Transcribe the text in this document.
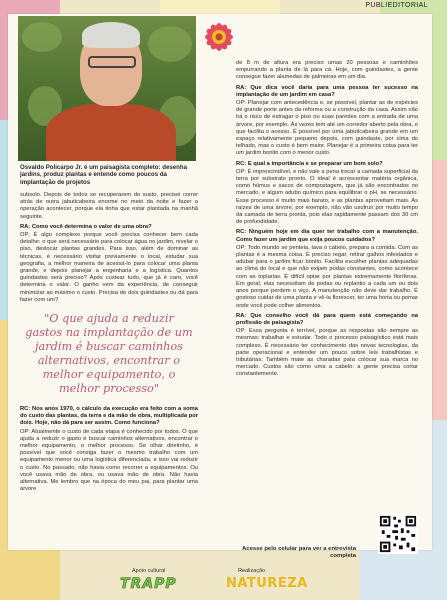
PUBLIEDITORIAL
Osvaldo Policarpo Jr. é um paisagista completo: desenha jardins, produz plantas e entende como poucos da implantação de projetos

subsolo. Depois de todos se recuperarem do susto, precisei correr atrás de outra jabuticabeira enorme no meio da noite e fazer a operação acontecer, porque ela tinha que estar plantada na manhã seguinte.

RA: Como você determina o valor de uma obra?

OP: É algo complexo porque você precisa conhecer bem cada detalhe: o que será necessário para colocar água no jardim, nivelar o piso, deslocar plantas grandes. Para isso, além de dominar as técnicas, é necessário visitar previamente o local, estudar sua geografia, a melhor maneira de acessá-lo para colocar uma planta grande, e depois planejar a engenharia e a logística. Quantos guindastes será preciso? Após custear tudo, que já é caro, você determina o valor. O ganho vem da experiência, de conseguir minimizar ao máximo o custo. Precisa de dois guindastes ou dá para fazer com um?

"O que ajuda a reduzir gastos na implantação de um jardim é buscar caminhos alternativos, encontrar o melhor equipamento, o melhor processo"

RC: Nos anos 1970, o cálculo da execução era feito com a soma do custo das plantas, da terra e da mão de obra, multiplicada por dois. Hoje, não dá para ser assim. Como funciona?

OP: Atualmente o custo de cada etapa é conhecido por todos. O que ajuda a reduzir o gasto é buscar caminhos alternativos, encontrar o melhor equipamento, o melhor processo. Se olhar diretinho, é possível que você consiga fazer o mesmo trabalho com um equipamento menor ou uma logística diferenciada, e isso vai reduzir o custo. No passado, não havia como recorrer a equipamentos. Ou você usava mão de obra, ou usava mão de obra. Não havia alternativa. Me lembro que na época do meu pai, para plantar uma árvore

de 8 m de altura era preciso umas 20 pessoas e caminhões empurrando a planta de lá para cá. Hoje, com guindastes, a gente consegue fazer alamedas de palmeiras em um dia.

RA: Que dica você daria para uma pessoa ter sucesso na implantação de um jardim em casa?

OP: Planejar com antecedência e, se possível, plantar as de espécies de grande porte antes da reforma ou a construção da casa. Assim não há o risco de estragar o piso ou suas paredes com a entrada de uma árvore, por exemplo. Às vezes tem até um corredor aberto pela obra, o que facilita o acesso. É possível por uma jabuticabeira grande em um espaço relativamente pequeno depois, com guindaste, por cima do telhado, mas o custo é bem maior. Planejar é a primeira coisa para ter um jardim bonito com o menor custo.

RC: E qual a importância e se preparar um bom solo?

OP: É imprescindível, e não vale a pena trocar a camada superficial da terra por substrato pronto. O ideal é acrescentar matéria orgânica, como húmus e sacos de compostagem, que já são encontrados no mercado, e algum adubo químico para equilibrar o pH, se necessário. Esse processo é muito mais barato, e as plantas aproveitam mais. As raízes de uma árvore, por exemplo, não vão usufruir por muito tempo da camada de terra pronta, pois elas rapidamente passam dos 30 cm de profundidade.

RC: Ninguém hoje em dia quer ter trabalho com a manutenção. Como fazer um jardim que exija poucos cuidados?

OP: Todo mundo se penteia, lava o cabelo, prepara a comida. Com as plantas é a mesma coisa. É preciso regar, retirar galhos infestados e adubar para o jardim ficar bonito. Facilita escolher plantas adequadas ao clima do local e que não exijam podas constantes, como acontece com as topiarias. É difícil optar por plantas extremamente floríferas. Em geral, elas necessitam de podas ou replantio a cada um ou dois anos porque perdem o viço. A manutenção não deve dar trabalho. É gostoso cuidar de uma planta e vê-la florescer, ter uma horta ou pomar onde você pode colher alimentos.

RA: Que conselho você dá para quem está começando na profissão de paisagista?

OP: Essa pergunta é terrível, porque as respostas são sempre as mesmas: trabalhar e estudar. Todo o processo paisagístico está mais complexo. É necessário ter conhecimento das novas tecnologias, da parte operacional e entender um pouco sobre leis trabalhistas e tributárias. Também mate as charadas para colocar sua marca no mercado. Custos são como uma a cabelo: a gente precisa cortar constantemente.

Acesse pelo celular para ver a entrevista completa
Apoio cultural
TRAPP
Realização
NATUREZA
